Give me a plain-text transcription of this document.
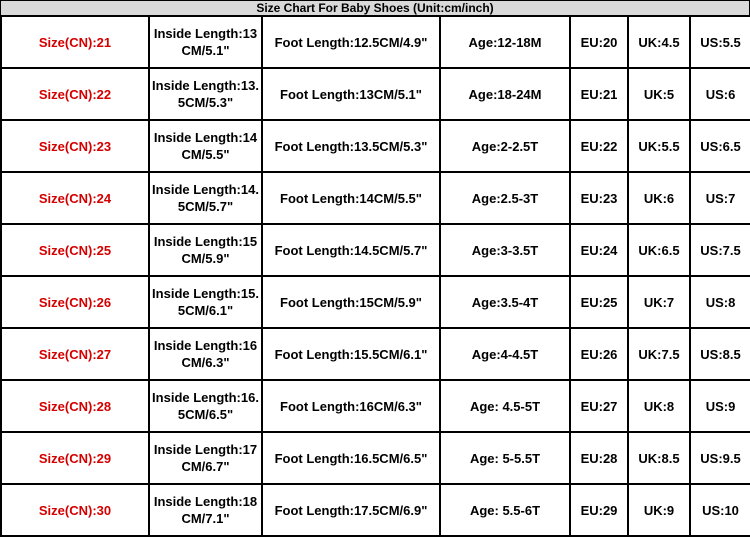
Size Chart For Baby Shoes (Unit:cm/inch)
Size(CN):21	Inside Length:13CM/5.1"	Foot Length:12.5CM/4.9"	Age:12-18M	EU:20	UK:4.5	US:5.5
Size(CN):22	Inside Length:13.5CM/5.3"	Foot Length:13CM/5.1"	Age:18-24M	EU:21	UK:5	US:6
Size(CN):23	Inside Length:14CM/5.5"	Foot Length:13.5CM/5.3"	Age:2-2.5T	EU:22	UK:5.5	US:6.5
Size(CN):24	Inside Length:14.5CM/5.7"	Foot Length:14CM/5.5"	Age:2.5-3T	EU:23	UK:6	US:7
Size(CN):25	Inside Length:15CM/5.9"	Foot Length:14.5CM/5.7"	Age:3-3.5T	EU:24	UK:6.5	US:7.5
Size(CN):26	Inside Length:15.5CM/6.1"	Foot Length:15CM/5.9"	Age:3.5-4T	EU:25	UK:7	US:8
Size(CN):27	Inside Length:16CM/6.3"	Foot Length:15.5CM/6.1"	Age:4-4.5T	EU:26	UK:7.5	US:8.5
Size(CN):28	Inside Length:16.5CM/6.5"	Foot Length:16CM/6.3"	Age: 4.5-5T	EU:27	UK:8	US:9
Size(CN):29	Inside Length:17CM/6.7"	Foot Length:16.5CM/6.5"	Age: 5-5.5T	EU:28	UK:8.5	US:9.5
Size(CN):30	Inside Length:18CM/7.1"	Foot Length:17.5CM/6.9"	Age: 5.5-6T	EU:29	UK:9	US:10
